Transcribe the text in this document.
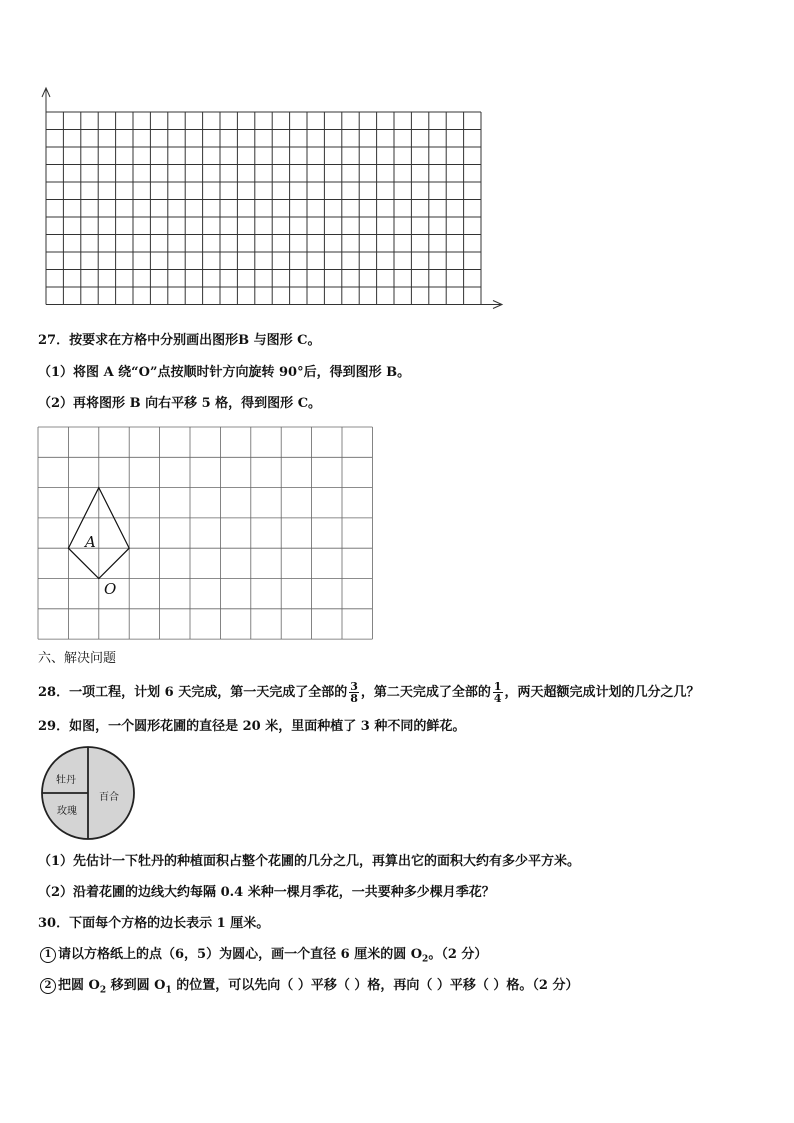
27．按要求在方格中分别画出图形B 与图形 C。
（1）将图 A 绕“O”点按顺时针方向旋转 90°后，得到图形 B。
（2）再将图形 B 向右平移 5 格，得到图形 C。
A
O
六、解决问题
28．一项工程，计划 6 天完成，第一天完成了全部的 $\frac{3}{8}$ ，第二天完成了全部的 $\frac{1}{4}$ ，两天超额完成计划的几分之几？
29．如图，一个圆形花圃的直径是 20 米，里面种植了 3 种不同的鲜花。
牡丹
玫瑰
百合
（1）先估计一下牡丹的种植面积占整个花圃的几分之几，再算出它的面积大约有多少平方米。
（2）沿着花圃的边线大约每隔 0.4 米种一棵月季花，一共要种多少棵月季花？
30．下面每个方格的边长表示 1 厘米。
1 请以方格纸上的点（6，5）为圆心，画一个直径 6 厘米的圆 $O_2$。（2 分）
2 把圆 $O_2$ 移到圆 $O_1$ 的位置，可以先向（ ）平移（ ）格，再向（ ）平移（ ）格。（2 分）
